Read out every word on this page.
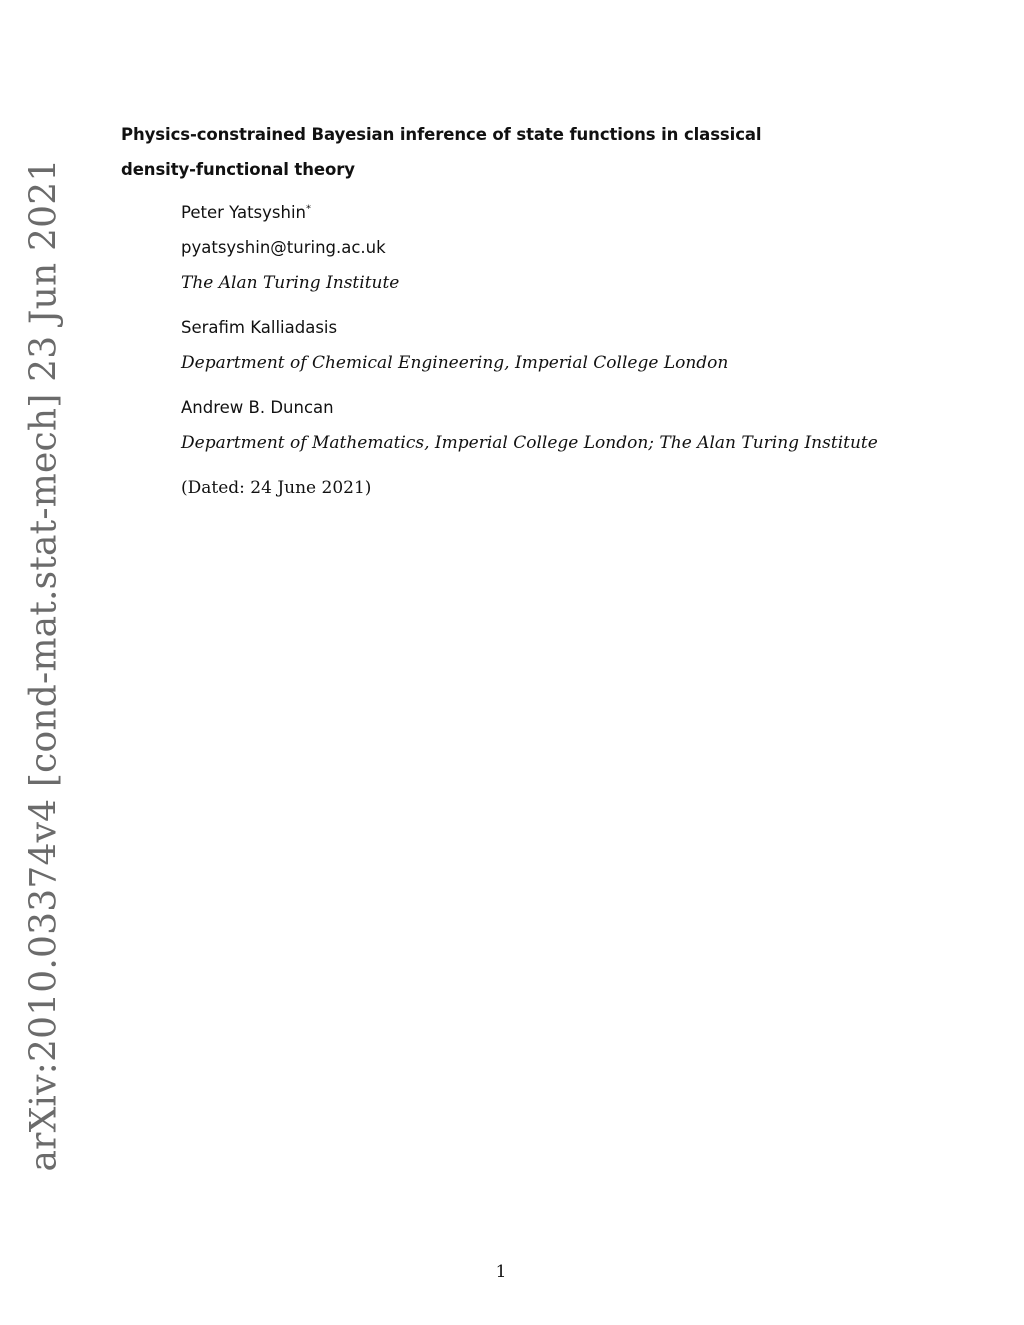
arXiv:2010.03374v4 [cond-mat.stat-mech] 23 Jun 2021
Physics-constrained Bayesian inference of state functions in classical
density-functional theory
Peter Yatsyshin*
pyatsyshin@turing.ac.uk
The Alan Turing Institute
Serafim Kalliadasis
Department of Chemical Engineering, Imperial College London
Andrew B. Duncan
Department of Mathematics, Imperial College London; The Alan Turing Institute
(Dated: 24 June 2021)
1
